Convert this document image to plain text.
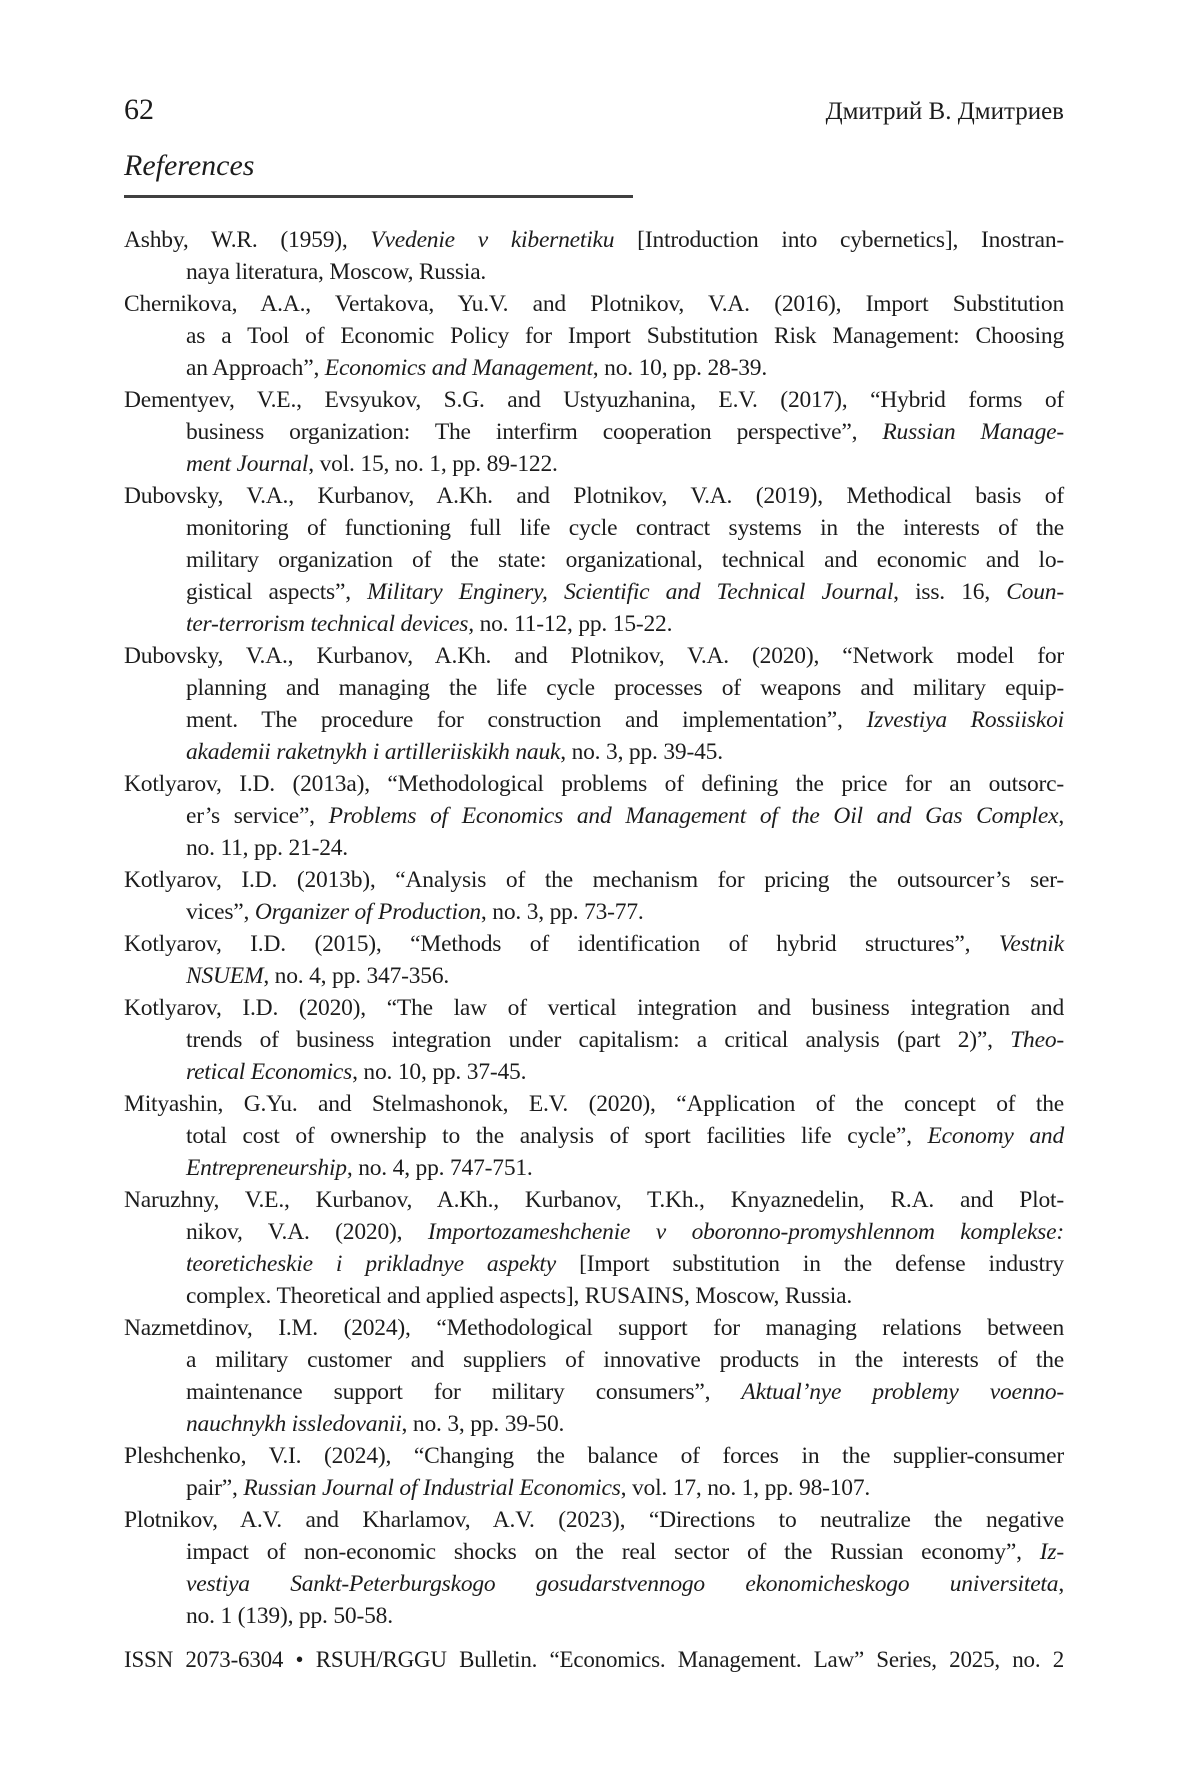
62	Дмитрий В. Дмитриев
References
Ashby, W.R. (1959), Vvedenie v kibernetiku [Introduction into cybernetics], Inostran-
naya literatura, Moscow, Russia.
Chernikova, A.A., Vertakova, Yu.V. and Plotnikov, V.A. (2016), Import Substitution
as a Tool of Economic Policy for Import Substitution Risk Management: Choosing
an Approach”, Economics and Management, no. 10, pp. 28-39.
Dementyev, V.E., Evsyukov, S.G. and Ustyuzhanina, E.V. (2017), “Hybrid forms of
business organization: The interfirm cooperation perspective”, Russian Manage-
ment Journal, vol. 15, no. 1, pp. 89-122.
Dubovsky, V.A., Kurbanov, A.Kh. and Plotnikov, V.A. (2019), Methodical basis of
monitoring of functioning full life cycle contract systems in the interests of the
military organization of the state: organizational, technical and economic and lo-
gistical aspects”, Military Enginery, Scientific and Technical Journal, iss. 16, Coun-
ter-terrorism technical devices, no. 11-12, pp. 15-22.
Dubovsky, V.A., Kurbanov, A.Kh. and Plotnikov, V.A. (2020), “Network model for
planning and managing the life cycle processes of weapons and military equip-
ment. The procedure for construction and implementation”, Izvestiya Rossiiskoi
akademii raketnykh i artilleriiskikh nauk, no. 3, pp. 39-45.
Kotlyarov, I.D. (2013a), “Methodological problems of defining the price for an outsorc-
er’s service”, Problems of Economics and Management of the Oil and Gas Complex,
no. 11, pp. 21-24.
Kotlyarov, I.D. (2013b), “Analysis of the mechanism for pricing the outsourcer’s ser-
vices”, Organizer of Production, no. 3, pp. 73-77.
Kotlyarov, I.D. (2015), “Methods of identification of hybrid structures”, Vestnik
NSUEM, no. 4, pp. 347-356.
Kotlyarov, I.D. (2020), “The law of vertical integration and business integration and
trends of business integration under capitalism: a critical analysis (part 2)”, Theo-
retical Economics, no. 10, pp. 37-45.
Mityashin, G.Yu. and Stelmashonok, E.V. (2020), “Application of the concept of the
total cost of ownership to the analysis of sport facilities life cycle”, Economy and
Entrepreneurship, no. 4, pp. 747-751.
Naruzhny, V.E., Kurbanov, A.Kh., Kurbanov, T.Kh., Knyaznedelin, R.A. and Plot-
nikov, V.A. (2020), Importozameshchenie v oboronno-promyshlennom komplekse:
teoreticheskie i prikladnye aspekty [Import substitution in the defense industry
complex. Theoretical and applied aspects], RUSAINS, Moscow, Russia.
Nazmetdinov, I.M. (2024), “Methodological support for managing relations between
a military customer and suppliers of innovative products in the interests of the
maintenance support for military consumers”, Aktual’nye problemy voenno-
nauchnykh issledovanii, no. 3, pp. 39-50.
Pleshchenko, V.I. (2024), “Changing the balance of forces in the supplier-consumer
pair”, Russian Journal of Industrial Economics, vol. 17, no. 1, pp. 98-107.
Plotnikov, A.V. and Kharlamov, A.V. (2023), “Directions to neutralize the negative
impact of non-economic shocks on the real sector of the Russian economy”, Iz-
vestiya Sankt-Peterburgskogo gosudarstvennogo ekonomicheskogo universiteta,
no. 1 (139), pp. 50-58.
ISSN 2073-6304 • RSUH/RGGU Bulletin. “Economics. Management. Law” Series, 2025, no. 2
